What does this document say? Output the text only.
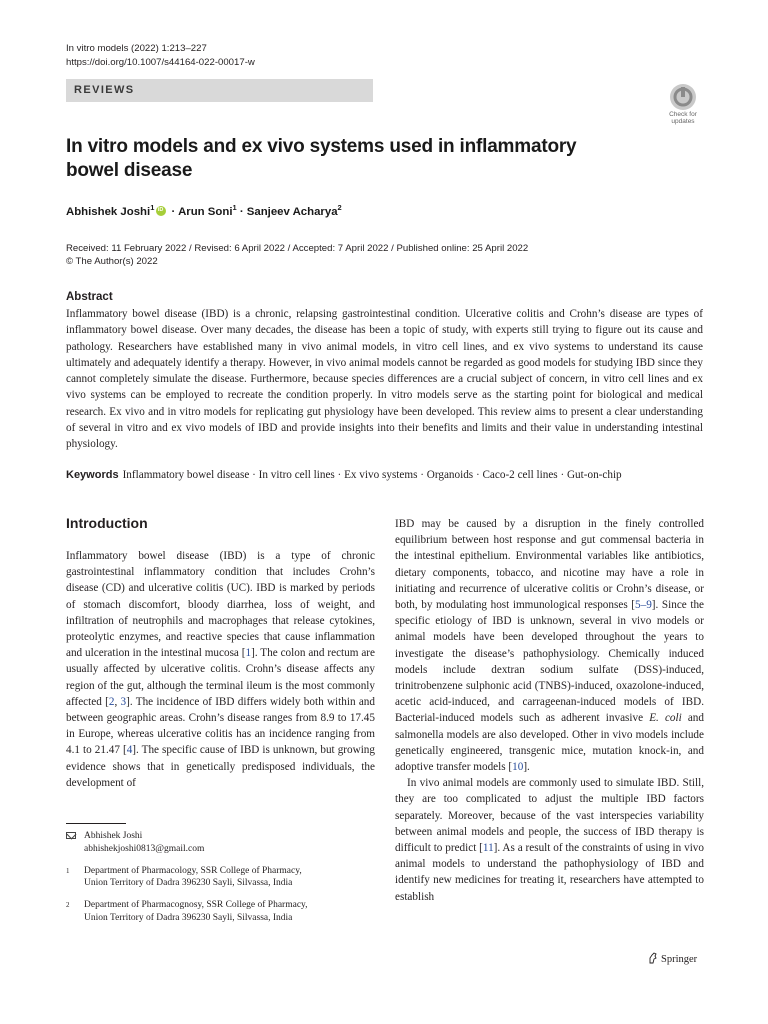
In vitro models (2022) 1:213–227
https://doi.org/10.1007/s44164-022-00017-w
REVIEWS
Check for
updates
In vitro models and ex vivo systems used in inflammatory bowel disease
Abhishek Joshi$^1$iD · Arun Soni$^1$ · Sanjeev Acharya$^2$
Received: 11 February 2022 / Revised: 6 April 2022 / Accepted: 7 April 2022 / Published online: 25 April 2022
© The Author(s) 2022
Abstract

Inflammatory bowel disease (IBD) is a chronic, relapsing gastrointestinal condition. Ulcerative colitis and Crohn’s disease are types of inflammatory bowel disease. Over many decades, the disease has been a topic of study, with experts still trying to figure out its cause and pathology. Researchers have established many in vivo animal models, in vitro cell lines, and ex vivo systems to understand its cause ultimately and adequately identify a therapy. However, in vivo animal models cannot be regarded as good models for studying IBD since they cannot completely simulate the disease. Furthermore, because species differences are a crucial subject of concern, in vitro cell lines and ex vivo systems can be employed to recreate the condition properly. In vitro models serve as the starting point for biological and medical research. Ex vivo and in vitro models for replicating gut physiology have been developed. This review aims to present a clear understanding of several in vitro and ex vivo models of IBD and provide insights into their benefits and limits and their value in understanding intestinal physiology.

Keywords Inflammatory bowel disease · In vitro cell lines · Ex vivo systems · Organoids · Caco-2 cell lines · Gut-on-chip
Introduction

Inflammatory bowel disease (IBD) is a type of chronic gastrointestinal inflammatory condition that includes Crohn’s disease (CD) and ulcerative colitis (UC). IBD is marked by periods of stomach discomfort, bloody diarrhea, loss of weight, and infiltration of neutrophils and macrophages that release cytokines, proteolytic enzymes, and reactive species that cause inflammation and ulceration in the intestinal mucosa [1]. The colon and rectum are usually affected by ulcerative colitis. Crohn’s disease affects any region of the gut, although the terminal ileum is the most commonly affected [2, 3]. The incidence of IBD differs widely both within and between geographic areas. Crohn’s disease ranges from 8.9 to 17.45 in Europe, whereas ulcerative colitis has an incidence ranging from 4.1 to 21.47 [4]. The specific cause of IBD is unknown, but growing evidence shows that in genetically predisposed individuals, the development of

IBD may be caused by a disruption in the finely controlled equilibrium between host response and gut commensal bacteria in the intestinal epithelium. Environmental variables like antibiotics, dietary components, tobacco, and nicotine may have a role in initiating and recurrence of ulcerative colitis or Crohn’s disease, or both, by modulating host immunological responses [5–9]. Since the specific etiology of IBD is unknown, several in vivo models or animal models have been developed throughout the years to investigate the disease’s pathophysiology. Chemically induced models include dextran sodium sulfate (DSS)-induced, trinitrobenzene sulphonic acid (TNBS)-induced, oxazolone-induced, acetic acid-induced, and carrageenan-induced models of IBD. Bacterial-induced models such as adherent invasive E. coli and salmonella models are also developed. Other in vivo models include genetically engineered, transgenic mice, mutation knock-in, and adoptive transfer models [10].

In vivo animal models are commonly used to simulate IBD. Still, they are too complicated to adjust the multiple IBD factors separately. Moreover, because of the vast interspecies variability between animal models and people, the success of IBD therapy is difficult to predict [11]. As a result of the constraints of using in vivo animal models to understand the pathophysiology of IBD and identify new medicines for treating it, researchers have attempted to establish

Abhishek Joshi
abhishekjoshi0813@gmail.com
1 Department of Pharmacology, SSR College of Pharmacy,
Union Territory of Dadra 396230 Sayli, Silvassa, India
2 Department of Pharmacognosy, SSR College of Pharmacy,
Union Territory of Dadra 396230 Sayli, Silvassa, India
Springer
